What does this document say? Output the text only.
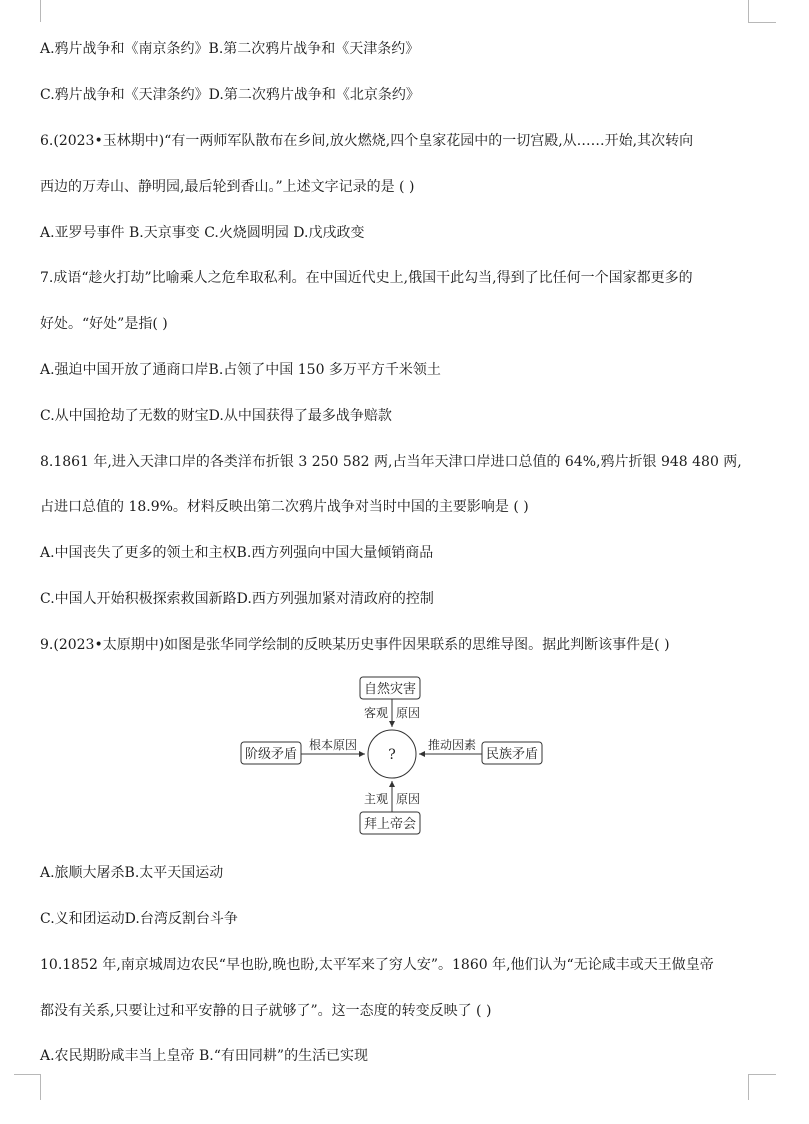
A.鸦片战争和《南京条约》B.第二次鸦片战争和《天津条约》
C.鸦片战争和《天津条约》D.第二次鸦片战争和《北京条约》
6.(2023•玉林期中)“有一两师军队散布在乡间,放火燃烧,四个皇家花园中的一切宫殿,从……开始,其次转向
西边的万寿山、静明园,最后轮到香山。”上述文字记录的是 ( )
A.亚罗号事件 B.天京事变 C.火烧圆明园 D.戊戌政变
7.成语“趁火打劫”比喻乘人之危牟取私利。在中国近代史上,俄国干此勾当,得到了比任何一个国家都更多的
好处。“好处”是指( )
A.强迫中国开放了通商口岸B.占领了中国 150 多万平方千米领土
C.从中国抢劫了无数的财宝D.从中国获得了最多战争赔款
8.1861 年,进入天津口岸的各类洋布折银 3 250 582 两,占当年天津口岸进口总值的 64%,鸦片折银 948 480 两,
占进口总值的 18.9%。材料反映出第二次鸦片战争对当时中国的主要影响是 ( )
A.中国丧失了更多的领土和主权B.西方列强向中国大量倾销商品
C.中国人开始积极探索救国新路D.西方列强加紧对清政府的控制
9.(2023•太原期中)如图是张华同学绘制的反映某历史事件因果联系的思维导图。据此判断该事件是( )
A.旅顺大屠杀B.太平天国运动
C.义和团运动D.台湾反割台斗争
10.1852 年,南京城周边农民“早也盼,晚也盼,太平军来了穷人安”。1860 年,他们认为“无论咸丰或天王做皇帝
都没有关系,只要让过和平安静的日子就够了”。这一态度的转变反映了 ( )
A.农民期盼咸丰当上皇帝 B.“有田同耕”的生活已实现
?
自然灾害
客观 原因
阶级矛盾
根本原因
民族矛盾
推动因素
拜上帝会
主观 原因
